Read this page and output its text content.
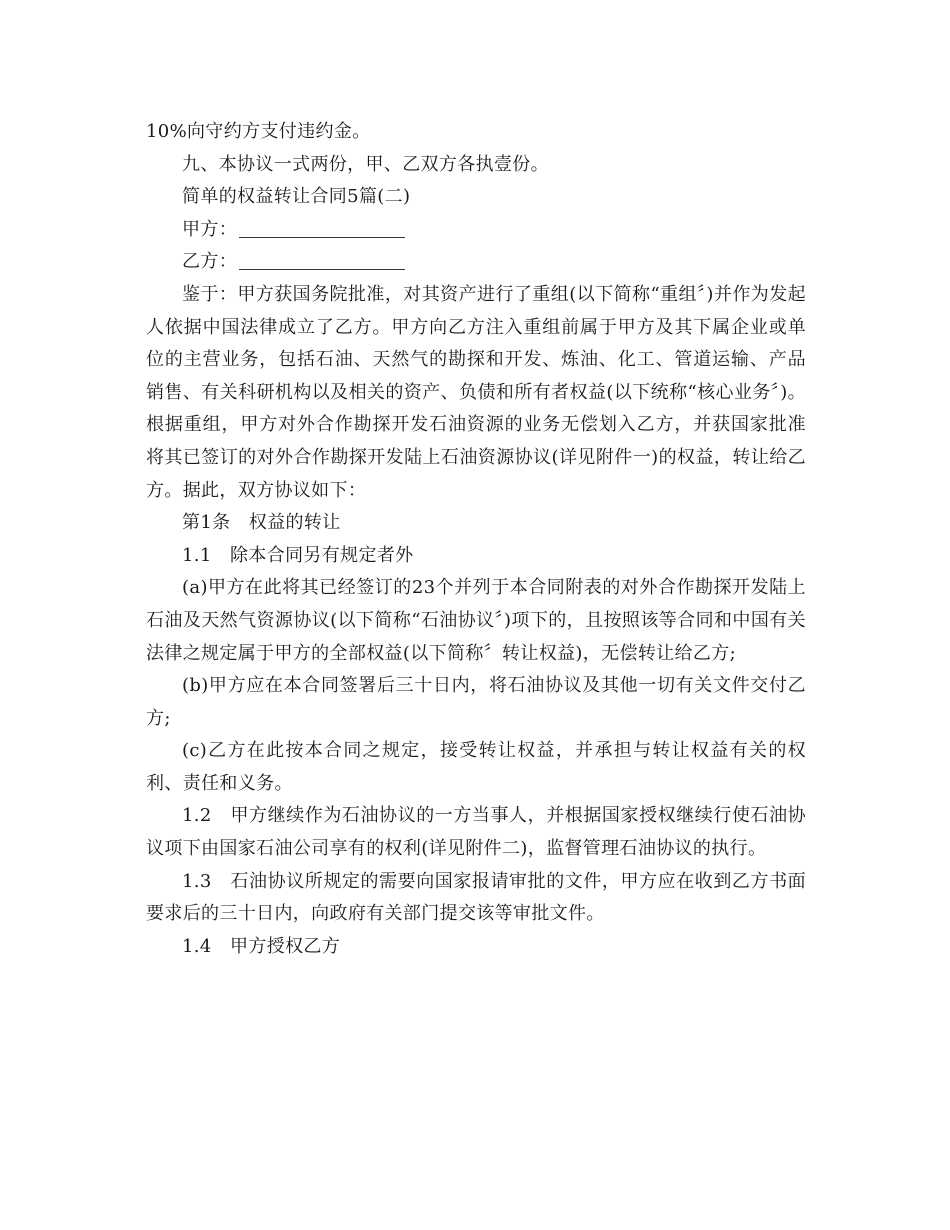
10%向守约方支付违约金。

九、本协议一式两份，甲、乙双方各执壹份。

简单的权益转让合同5篇(二)

甲方：

乙方：

鉴于：甲方获国务院批准，对其资产进行了重组(以下简称“重组〞)并作为发起人依据中国法律成立了乙方。甲方向乙方注入重组前属于甲方及其下属企业或单位的主营业务，包括石油、天然气的勘探和开发、炼油、化工、管道运输、产品销售、有关科研机构以及相关的资产、负债和所有者权益(以下统称“核心业务〞)。根据重组，甲方对外合作勘探开发石油资源的业务无偿划入乙方，并获国家批准将其已签订的对外合作勘探开发陆上石油资源协议(详见附件一)的权益，转让给乙方。据此，双方协议如下：

第1条　权益的转让

1.1　除本合同另有规定者外

(a)甲方在此将其已经签订的23个并列于本合同附表的对外合作勘探开发陆上石油及天然气资源协议(以下简称“石油协议〞)项下的，且按照该等合同和中国有关法律之规定属于甲方的全部权益(以下简称〞转让权益)，无偿转让给乙方;

(b)甲方应在本合同签署后三十日内，将石油协议及其他一切有关文件交付乙方;

(c)乙方在此按本合同之规定，接受转让权益，并承担与转让权益有关的权利、责任和义务。

1.2　甲方继续作为石油协议的一方当事人，并根据国家授权继续行使石油协议项下由国家石油公司享有的权利(详见附件二)，监督管理石油协议的执行。

1.3　石油协议所规定的需要向国家报请审批的文件，甲方应在收到乙方书面要求后的三十日内，向政府有关部门提交该等审批文件。

1.4　甲方授权乙方
